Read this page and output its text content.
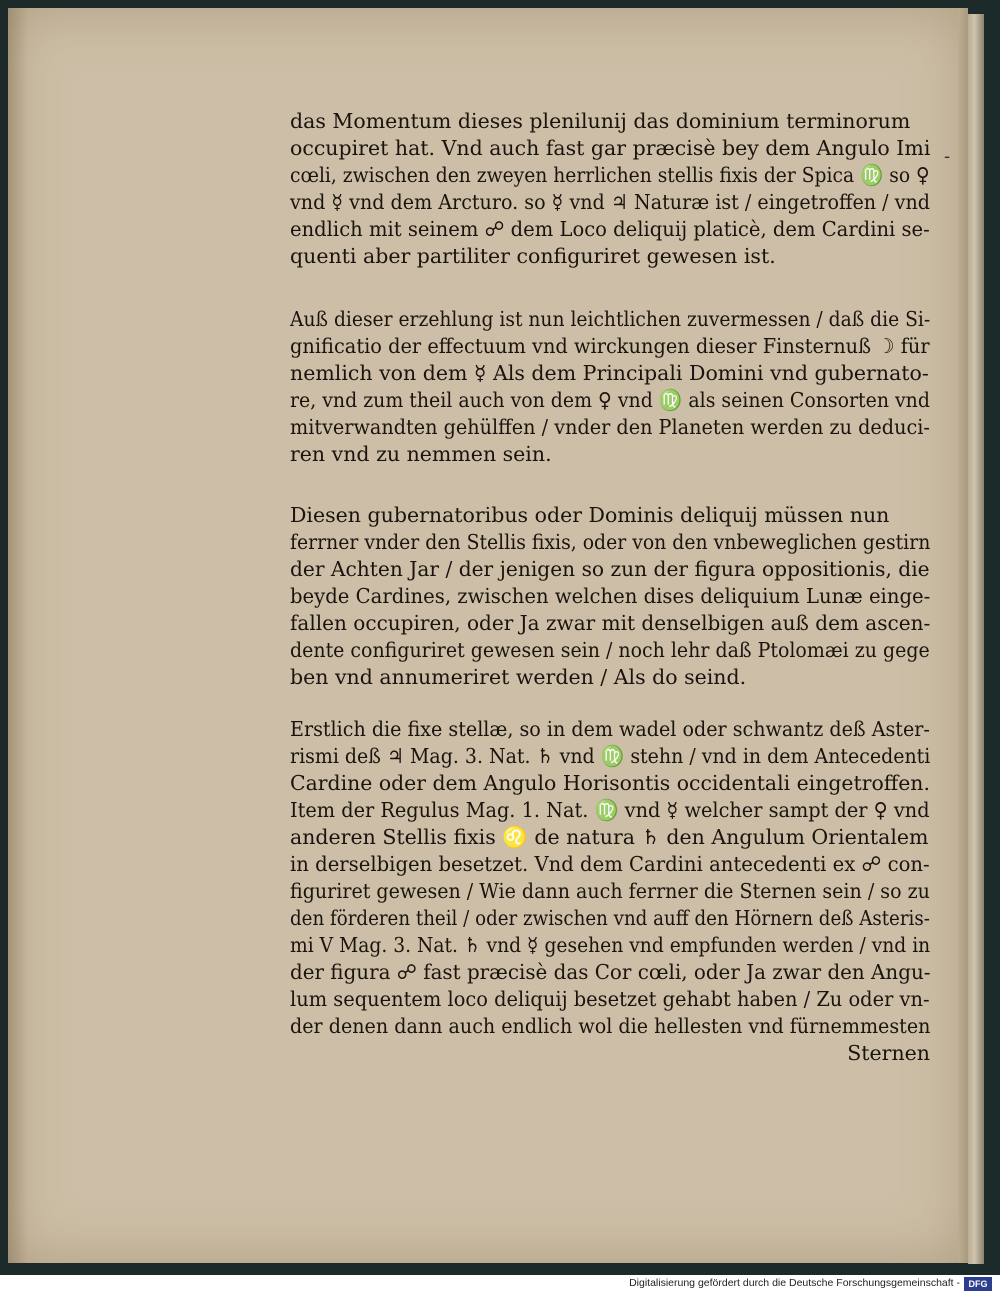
-
das Momentum dieses plenilunij das dominium terminorum
occupiret hat. Vnd auch fast gar præcisè bey dem Angulo Imi
cœli, zwischen den zweyen herrlichen stellis fixis der Spica ♍ so ♀
vnd ☿ vnd dem Arcturo. so ☿ vnd ♃ Naturæ ist / eingetroffen / vnd
endlich mit seinem ☍ dem Loco deliquij platicè, dem Cardini se-
quenti aber partiliter configuriret gewesen ist.
Auß dieser erzehlung ist nun leichtlichen zuvermessen / daß die Si-
gnificatio der effectuum vnd wirckungen dieser Finsternuß ☽ für
nemlich von dem ☿ Als dem Principali Domini vnd gubernato-
re, vnd zum theil auch von dem ♀ vnd ♍ als seinen Consorten vnd
mitverwandten gehülffen / vnder den Planeten werden zu deduci-
ren vnd zu nemmen sein.
Diesen gubernatoribus oder Dominis deliquij müssen nun
ferrner vnder den Stellis fixis, oder von den vnbeweglichen gestirn
der Achten Jar / der jenigen so zun der figura oppositionis, die
beyde Cardines, zwischen welchen dises deliquium Lunæ einge-
fallen occupiren, oder Ja zwar mit denselbigen auß dem ascen-
dente configuriret gewesen sein / noch lehr daß Ptolomæi zu gege
ben vnd annumeriret werden / Als do seind.
Erstlich die fixe stellæ, so in dem wadel oder schwantz deß Aster-
rismi deß ♃ Mag. 3. Nat. ♄ vnd ♍ stehn / vnd in dem Antecedenti
Cardine oder dem Angulo Horisontis occidentali eingetroffen.
Item der Regulus Mag. 1. Nat. ♍ vnd ☿ welcher sampt der ♀ vnd
anderen Stellis fixis ♌ de natura ♄ den Angulum Orientalem
in derselbigen besetzet. Vnd dem Cardini antecedenti ex ☍ con-
figuriret gewesen / Wie dann auch ferrner die Sternen sein / so zu
den förderen theil / oder zwischen vnd auff den Hörnern deß Asteris-
mi V Mag. 3. Nat. ♄ vnd ☿ gesehen vnd empfunden werden / vnd in
der figura ☍ fast præcisè das Cor cœli, oder Ja zwar den Angu-
lum sequentem loco deliquij besetzet gehabt haben / Zu oder vn-
der denen dann auch endlich wol die hellesten vnd fürnemmesten
Sternen
Digitalisierung gefördert durch die Deutsche Forschungsgemeinschaft - DFG
